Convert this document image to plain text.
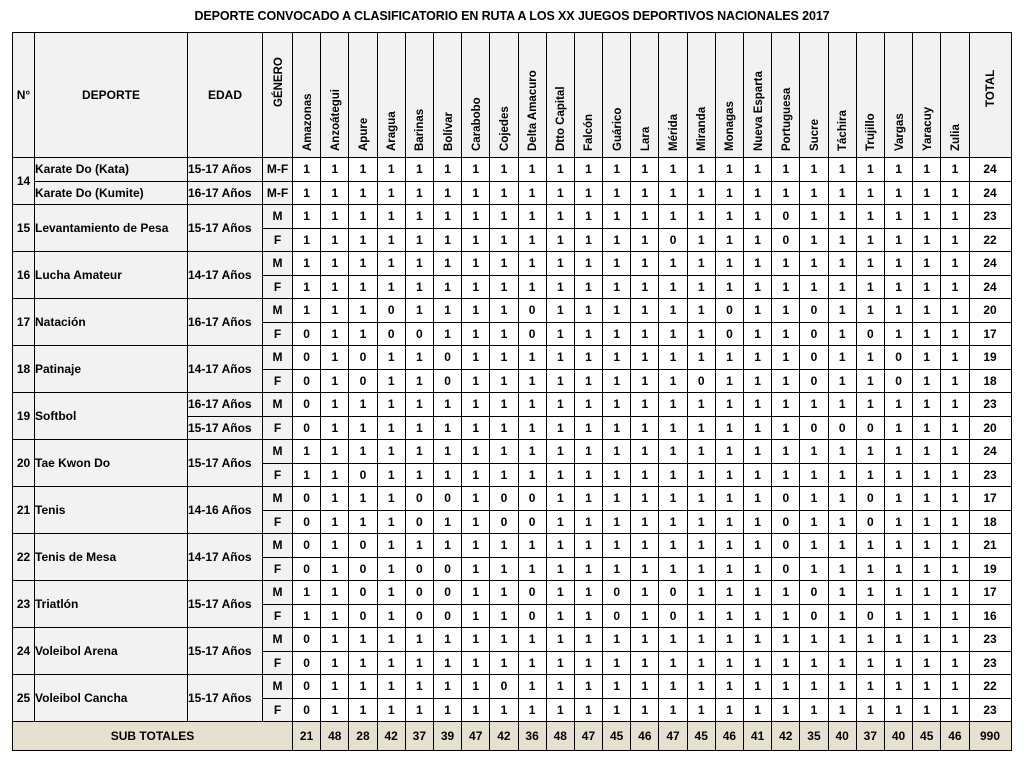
DEPORTE CONVOCADO A CLASIFICATORIO EN RUTA A LOS XX JUEGOS DEPORTIVOS NACIONALES 2017
N°	DEPORTE	EDAD	GÉNERO	Amazonas	Anzoátegui	Apure	Aragua	Barinas	Bolívar	Carabobo	Cojedes	Delta Amacuro	Dtto Capital	Falcón	Guárico	Lara	Mérida	Miranda	Monagas	Nueva Esparta	Portuguesa	Sucre	Táchira	Trujillo	Vargas	Yaracuy	Zulia	TOTAL

14	Karate Do (Kata)	15-17 Años	M-F	1	1	1	1	1	1	1	1	1	1	1	1	1	1	1	1	1	1	1	1	1	1	1	1	24
	Karate Do (Kumite)	16-17 Años	M-F	1	1	1	1	1	1	1	1	1	1	1	1	1	1	1	1	1	1	1	1	1	1	1	1	24
15	Levantamiento de Pesa	15-17 Años	M	1	1	1	1	1	1	1	1	1	1	1	1	1	1	1	1	1	0	1	1	1	1	1	1	23
			F	1	1	1	1	1	1	1	1	1	1	1	1	1	0	1	1	1	0	1	1	1	1	1	1	22
16	Lucha Amateur	14-17 Años	M	1	1	1	1	1	1	1	1	1	1	1	1	1	1	1	1	1	1	1	1	1	1	1	1	24
			F	1	1	1	1	1	1	1	1	1	1	1	1	1	1	1	1	1	1	1	1	1	1	1	1	24
17	Natación	16-17 Años	M	1	1	1	0	1	1	1	1	0	1	1	1	1	1	1	0	1	1	0	1	1	1	1	1	20
			F	0	1	1	0	0	1	1	1	0	1	1	1	1	1	1	0	1	1	0	1	0	1	1	1	17
18	Patinaje	14-17 Años	M	0	1	0	1	1	0	1	1	1	1	1	1	1	1	1	1	1	1	0	1	1	0	1	1	19
			F	0	1	0	1	1	0	1	1	1	1	1	1	1	1	0	1	1	1	0	1	1	0	1	1	18
19	Softbol	16-17 Años	M	0	1	1	1	1	1	1	1	1	1	1	1	1	1	1	1	1	1	1	1	1	1	1	1	23
		15-17 Años	F	0	1	1	1	1	1	1	1	1	1	1	1	1	1	1	1	1	1	0	0	0	1	1	1	20
20	Tae Kwon Do	15-17 Años	M	1	1	1	1	1	1	1	1	1	1	1	1	1	1	1	1	1	1	1	1	1	1	1	1	24
			F	1	1	0	1	1	1	1	1	1	1	1	1	1	1	1	1	1	1	1	1	1	1	1	1	23
21	Tenis	14-16 Años	M	0	1	1	1	0	0	1	0	0	1	1	1	1	1	1	1	1	0	1	1	0	1	1	1	17
			F	0	1	1	1	0	1	1	0	0	1	1	1	1	1	1	1	1	0	1	1	0	1	1	1	18
22	Tenis de Mesa	14-17 Años	M	0	1	0	1	1	1	1	1	1	1	1	1	1	1	1	1	1	0	1	1	1	1	1	1	21
			F	0	1	0	1	0	0	1	1	1	1	1	1	1	1	1	1	1	0	1	1	1	1	1	1	19
23	Triatlón	15-17 Años	M	1	1	0	1	0	0	1	1	0	1	1	0	1	0	1	1	1	1	0	1	1	1	1	1	17
			F	1	1	0	1	0	0	1	1	0	1	1	0	1	0	1	1	1	1	0	1	0	1	1	1	16
24	Voleibol Arena	15-17 Años	M	0	1	1	1	1	1	1	1	1	1	1	1	1	1	1	1	1	1	1	1	1	1	1	1	23
			F	0	1	1	1	1	1	1	1	1	1	1	1	1	1	1	1	1	1	1	1	1	1	1	1	23
25	Voleibol Cancha	15-17 Años	M	0	1	1	1	1	1	1	0	1	1	1	1	1	1	1	1	1	1	1	1	1	1	1	1	22
			F	0	1	1	1	1	1	1	1	1	1	1	1	1	1	1	1	1	1	1	1	1	1	1	1	23
SUB TOTALES				21	48	28	42	37	39	47	42	36	48	47	45	46	47	45	46	41	42	35	40	37	40	45	46	990
